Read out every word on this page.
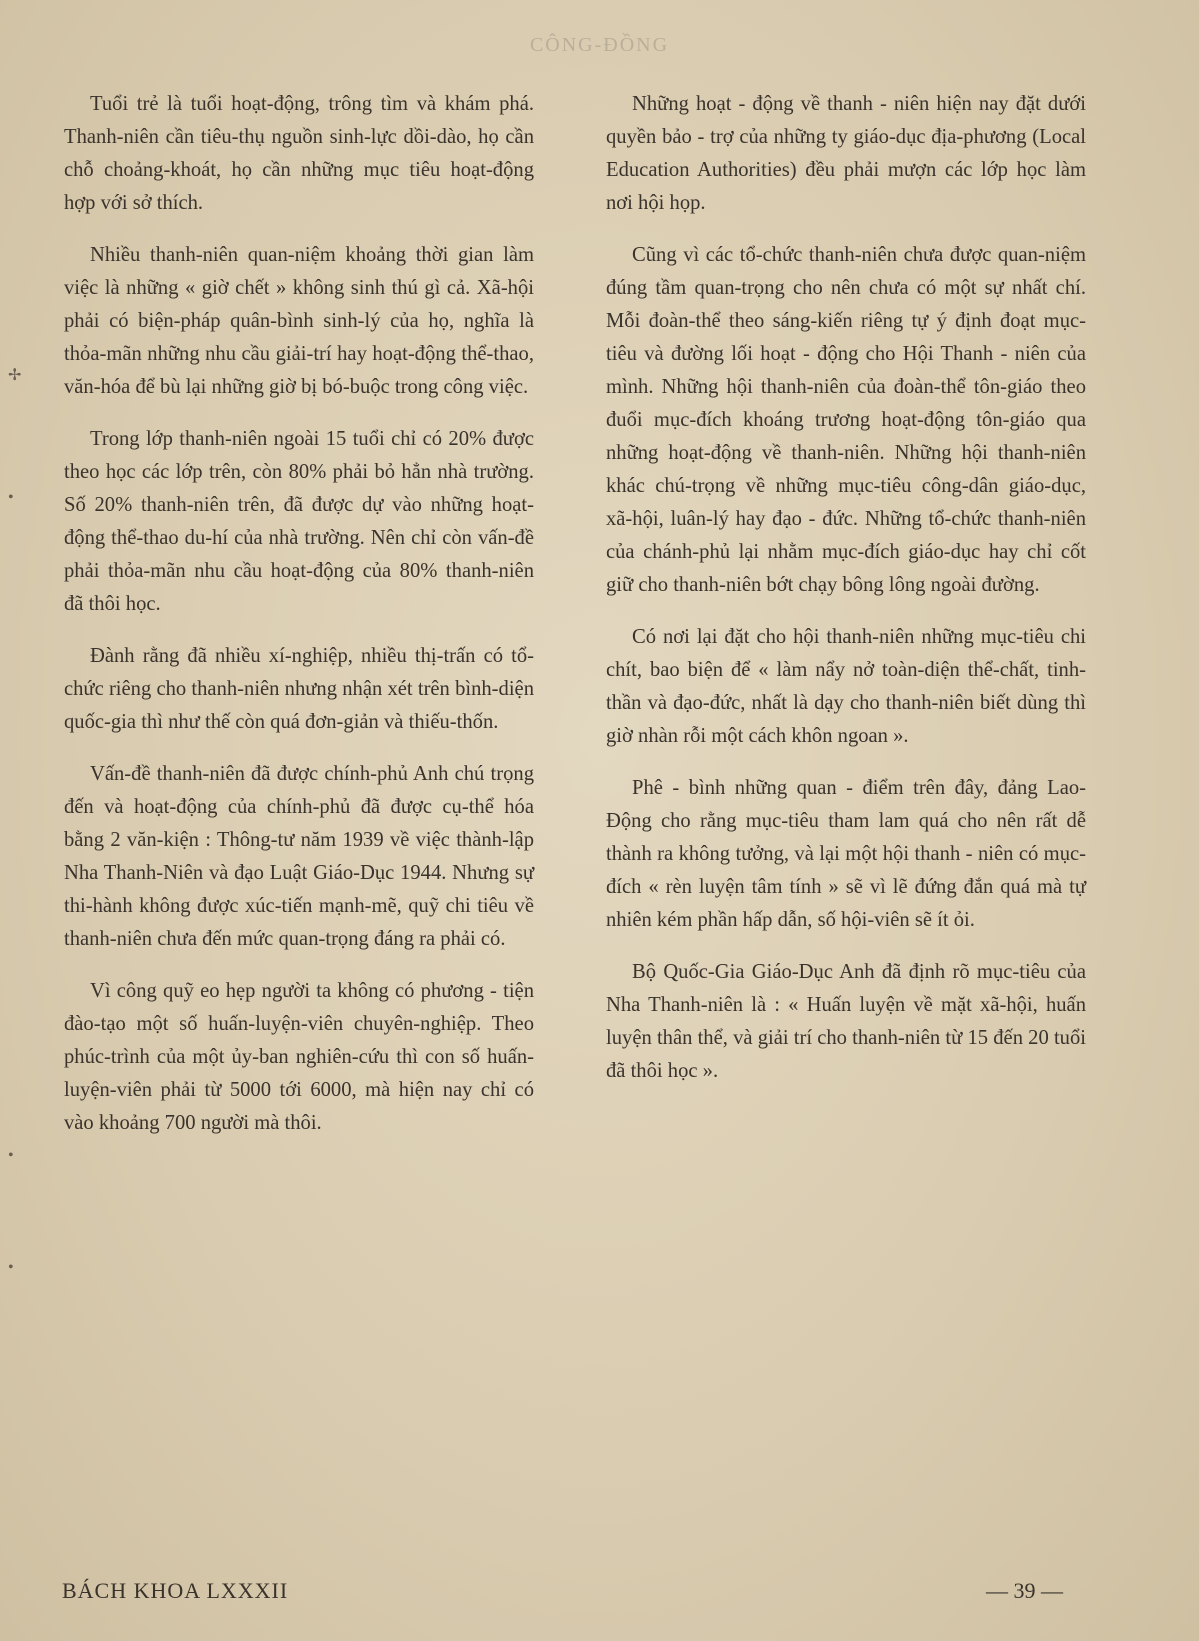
CÔNG-ĐỒNG
✢
•
•
•

Tuổi trẻ là tuổi hoạt-động, trông tìm và khám phá. Thanh-niên cần tiêu-thụ nguồn sinh-lực dồi-dào, họ cần chỗ choảng-khoát, họ cần những mục tiêu hoạt-động hợp với sở thích.

Nhiều thanh-niên quan-niệm khoảng thời gian làm việc là những « giờ chết » không sinh thú gì cả. Xã-hội phải có biện-pháp quân-bình sinh-lý của họ, nghĩa là thỏa-mãn những nhu cầu giải-trí hay hoạt-động thể-thao, văn-hóa để bù lại những giờ bị bó-buộc trong công việc.

Trong lớp thanh-niên ngoài 15 tuổi chỉ có 20% được theo học các lớp trên, còn 80% phải bỏ hẳn nhà trường. Số 20% thanh-niên trên, đã được dự vào những hoạt-động thể-thao du-hí của nhà trường. Nên chỉ còn vấn-đề phải thỏa-mãn nhu cầu hoạt-động của 80% thanh-niên đã thôi học.

Đành rằng đã nhiều xí-nghiệp, nhiều thị-trấn có tổ-chức riêng cho thanh-niên nhưng nhận xét trên bình-diện quốc-gia thì như thế còn quá đơn-giản và thiếu-thốn.

Vấn-đề thanh-niên đã được chính-phủ Anh chú trọng đến và hoạt-động của chính-phủ đã được cụ-thể hóa bằng 2 văn-kiện : Thông-tư năm 1939 về việc thành-lập Nha Thanh-Niên và đạo Luật Giáo-Dục 1944. Nhưng sự thi-hành không được xúc-tiến mạnh-mẽ, quỹ chi tiêu về thanh-niên chưa đến mức quan-trọng đáng ra phải có.

Vì công quỹ eo hẹp người ta không có phương - tiện đào-tạo một số huấn-luyện-viên chuyên-nghiệp. Theo phúc-trình của một ủy-ban nghiên-cứu thì con số huấn-luyện-viên phải từ 5000 tới 6000, mà hiện nay chỉ có vào khoảng 700 người mà thôi.

Những hoạt - động về thanh - niên hiện nay đặt dưới quyền bảo - trợ của những ty giáo-dục địa-phương (Local Education Authorities) đều phải mượn các lớp học làm nơi hội họp.

Cũng vì các tổ-chức thanh-niên chưa được quan-niệm đúng tầm quan-trọng cho nên chưa có một sự nhất chí. Mỗi đoàn-thể theo sáng-kiến riêng tự ý định đoạt mục-tiêu và đường lối hoạt - động cho Hội Thanh - niên của mình. Những hội thanh-niên của đoàn-thể tôn-giáo theo đuổi mục-đích khoáng trương hoạt-động tôn-giáo qua những hoạt-động về thanh-niên. Những hội thanh-niên khác chú-trọng về những mục-tiêu công-dân giáo-dục, xã-hội, luân-lý hay đạo - đức. Những tổ-chức thanh-niên của chánh-phủ lại nhằm mục-đích giáo-dục hay chỉ cốt giữ cho thanh-niên bớt chạy bông lông ngoài đường.

Có nơi lại đặt cho hội thanh-niên những mục-tiêu chi chít, bao biện để « làm nẩy nở toàn-diện thể-chất, tinh-thần và đạo-đức, nhất là dạy cho thanh-niên biết dùng thì giờ nhàn rỗi một cách khôn ngoan ».

Phê - bình những quan - điểm trên đây, đảng Lao-Động cho rằng mục-tiêu tham lam quá cho nên rất dễ thành ra không tưởng, và lại một hội thanh - niên có mục-đích « rèn luyện tâm tính » sẽ vì lẽ đứng đắn quá mà tự nhiên kém phần hấp dẫn, số hội-viên sẽ ít ỏi.

Bộ Quốc-Gia Giáo-Dục Anh đã định rõ mục-tiêu của Nha Thanh-niên là : « Huấn luyện về mặt xã-hội, huấn luyện thân thể, và giải trí cho thanh-niên từ 15 đến 20 tuổi đã thôi học ».

BÁCH KHOA LXXXII	— 39 —
